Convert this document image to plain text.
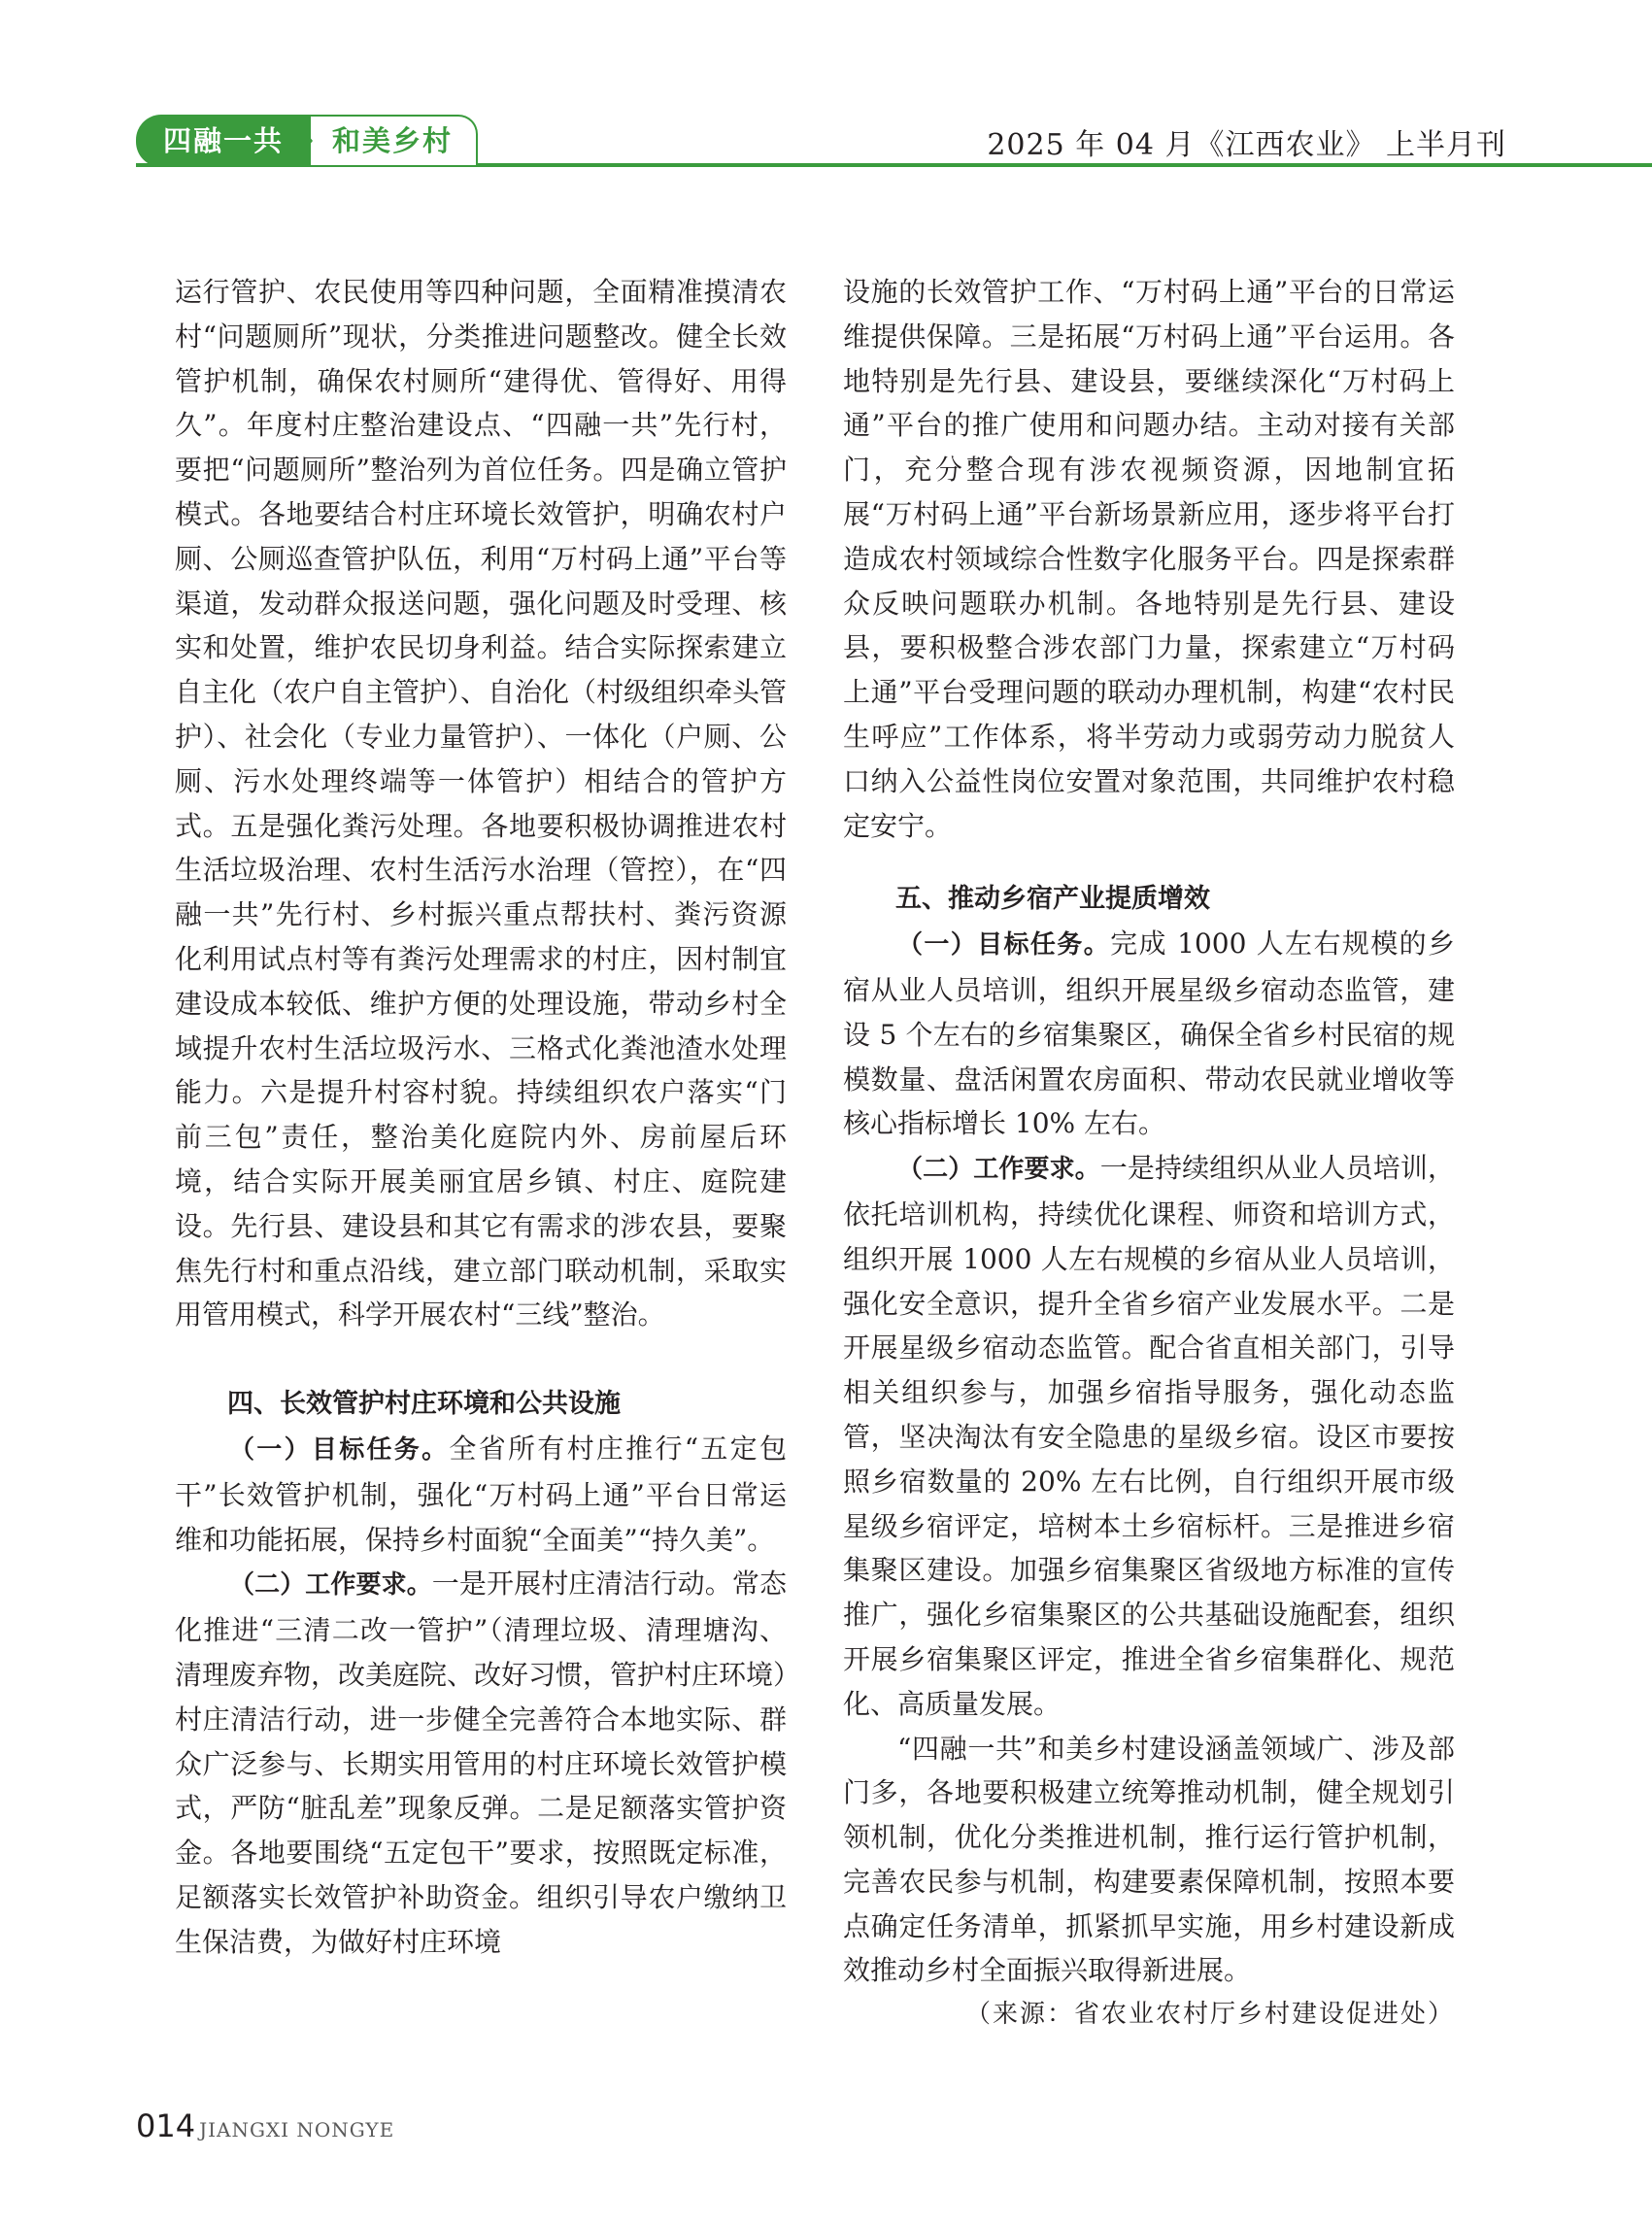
和美乡村
四融一共	2025 年 04 月《江西农业》 上半月刊

运行管护、农民使用等四种问题，全面精准摸清农村“问题厕所”现状，分类推进问题整改。健全长效管护机制，确保农村厕所“建得优、管得好、用得久”。年度村庄整治建设点、“四融一共”先行村，要把“问题厕所”整治列为首位任务。四是确立管护模式。各地要结合村庄环境长效管护，明确农村户厕、公厕巡查管护队伍，利用“万村码上通”平台等渠道，发动群众报送问题，强化问题及时受理、核实和处置，维护农民切身利益。结合实际探索建立自主化（农户自主管护）、自治化（村级组织牵头管护）、社会化（专业力量管护）、一体化（户厕、公厕、污水处理终端等一体管护）相结合的管护方式。五是强化粪污处理。各地要积极协调推进农村生活垃圾治理、农村生活污水治理（管控），在“四融一共”先行村、乡村振兴重点帮扶村、粪污资源化利用试点村等有粪污处理需求的村庄，因村制宜建设成本较低、维护方便的处理设施，带动乡村全域提升农村生活垃圾污水、三格式化粪池渣水处理能力。六是提升村容村貌。持续组织农户落实“门前三包”责任，整治美化庭院内外、房前屋后环境，结合实际开展美丽宜居乡镇、村庄、庭院建设。先行县、建设县和其它有需求的涉农县，要聚焦先行村和重点沿线，建立部门联动机制，采取实用管用模式，科学开展农村“三线”整治。

四、长效管护村庄环境和公共设施

（一）目标任务。全省所有村庄推行“五定包干”长效管护机制，强化“万村码上通”平台日常运维和功能拓展，保持乡村面貌“全面美”“持久美”。

（二）工作要求。一是开展村庄清洁行动。常态化推进“三清二改一管护”（清理垃圾、清理塘沟、清理废弃物，改美庭院、改好习惯，管护村庄环境）村庄清洁行动，进一步健全完善符合本地实际、群众广泛参与、长期实用管用的村庄环境长效管护模式，严防“脏乱差”现象反弹。二是足额落实管护资金。各地要围绕“五定包干”要求，按照既定标准，足额落实长效管护补助资金。组织引导农户缴纳卫生保洁费，为做好村庄环境

设施的长效管护工作、“万村码上通”平台的日常运维提供保障。三是拓展“万村码上通”平台运用。各地特别是先行县、建设县，要继续深化“万村码上通”平台的推广使用和问题办结。主动对接有关部门，充分整合现有涉农视频资源，因地制宜拓展“万村码上通”平台新场景新应用，逐步将平台打造成农村领域综合性数字化服务平台。四是探索群众反映问题联办机制。各地特别是先行县、建设县，要积极整合涉农部门力量，探索建立“万村码上通”平台受理问题的联动办理机制，构建“农村民生呼应”工作体系，将半劳动力或弱劳动力脱贫人口纳入公益性岗位安置对象范围，共同维护农村稳定安宁。

五、推动乡宿产业提质增效

（一）目标任务。完成 1000 人左右规模的乡宿从业人员培训，组织开展星级乡宿动态监管，建设 5 个左右的乡宿集聚区，确保全省乡村民宿的规模数量、盘活闲置农房面积、带动农民就业增收等核心指标增长 10% 左右。

（二）工作要求。一是持续组织从业人员培训，依托培训机构，持续优化课程、师资和培训方式，组织开展 1000 人左右规模的乡宿从业人员培训，强化安全意识，提升全省乡宿产业发展水平。二是开展星级乡宿动态监管。配合省直相关部门，引导相关组织参与，加强乡宿指导服务，强化动态监管，坚决淘汰有安全隐患的星级乡宿。设区市要按照乡宿数量的 20% 左右比例，自行组织开展市级星级乡宿评定，培树本土乡宿标杆。三是推进乡宿集聚区建设。加强乡宿集聚区省级地方标准的宣传推广，强化乡宿集聚区的公共基础设施配套，组织开展乡宿集聚区评定，推进全省乡宿集群化、规范化、高质量发展。

“四融一共”和美乡村建设涵盖领域广、涉及部门多，各地要积极建立统筹推动机制，健全规划引领机制，优化分类推进机制，推行运行管护机制，完善农民参与机制，构建要素保障机制，按照本要点确定任务清单，抓紧抓早实施，用乡村建设新成效推动乡村全面振兴取得新进展。

（来源：省农业农村厅乡村建设促进处）

014 JIANGXI NONGYE
